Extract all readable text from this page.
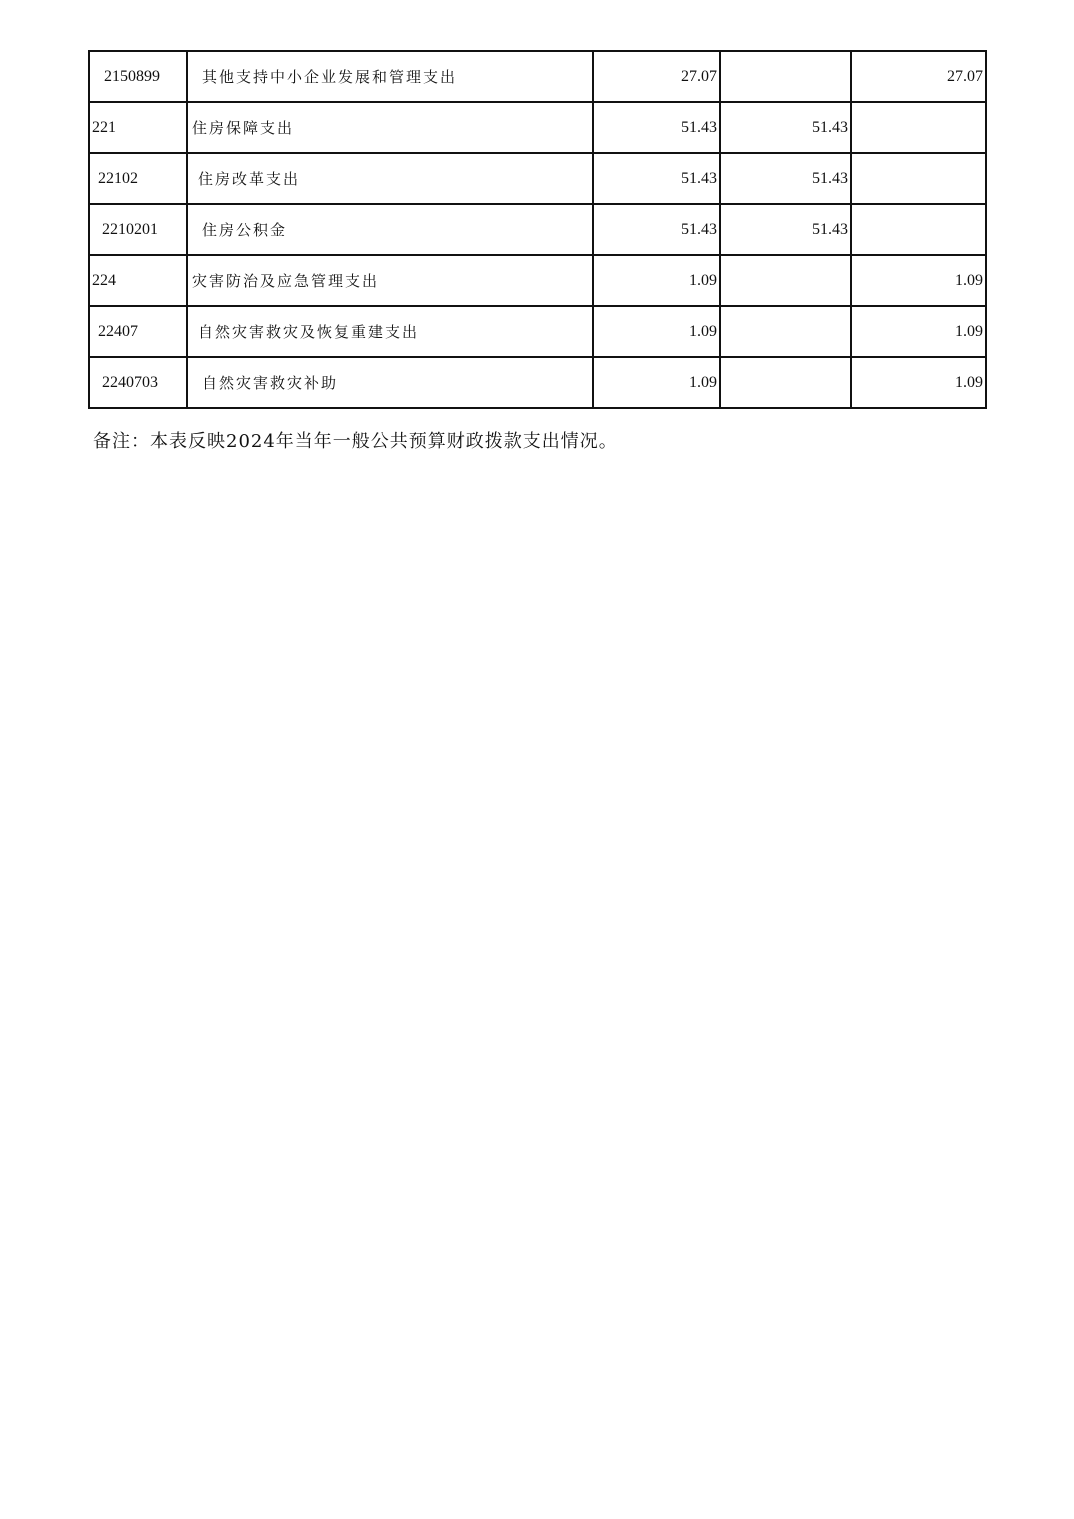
2150899	其他支持中小企业发展和管理支出	27.07		27.07
221	住房保障支出	51.43	51.43	
22102	住房改革支出	51.43	51.43	
2210201	住房公积金	51.43	51.43	
224	灾害防治及应急管理支出	1.09		1.09
22407	自然灾害救灾及恢复重建支出	1.09		1.09
2240703	自然灾害救灾补助	1.09		1.09
备注：本表反映2024年当年一般公共预算财政拨款支出情况。
